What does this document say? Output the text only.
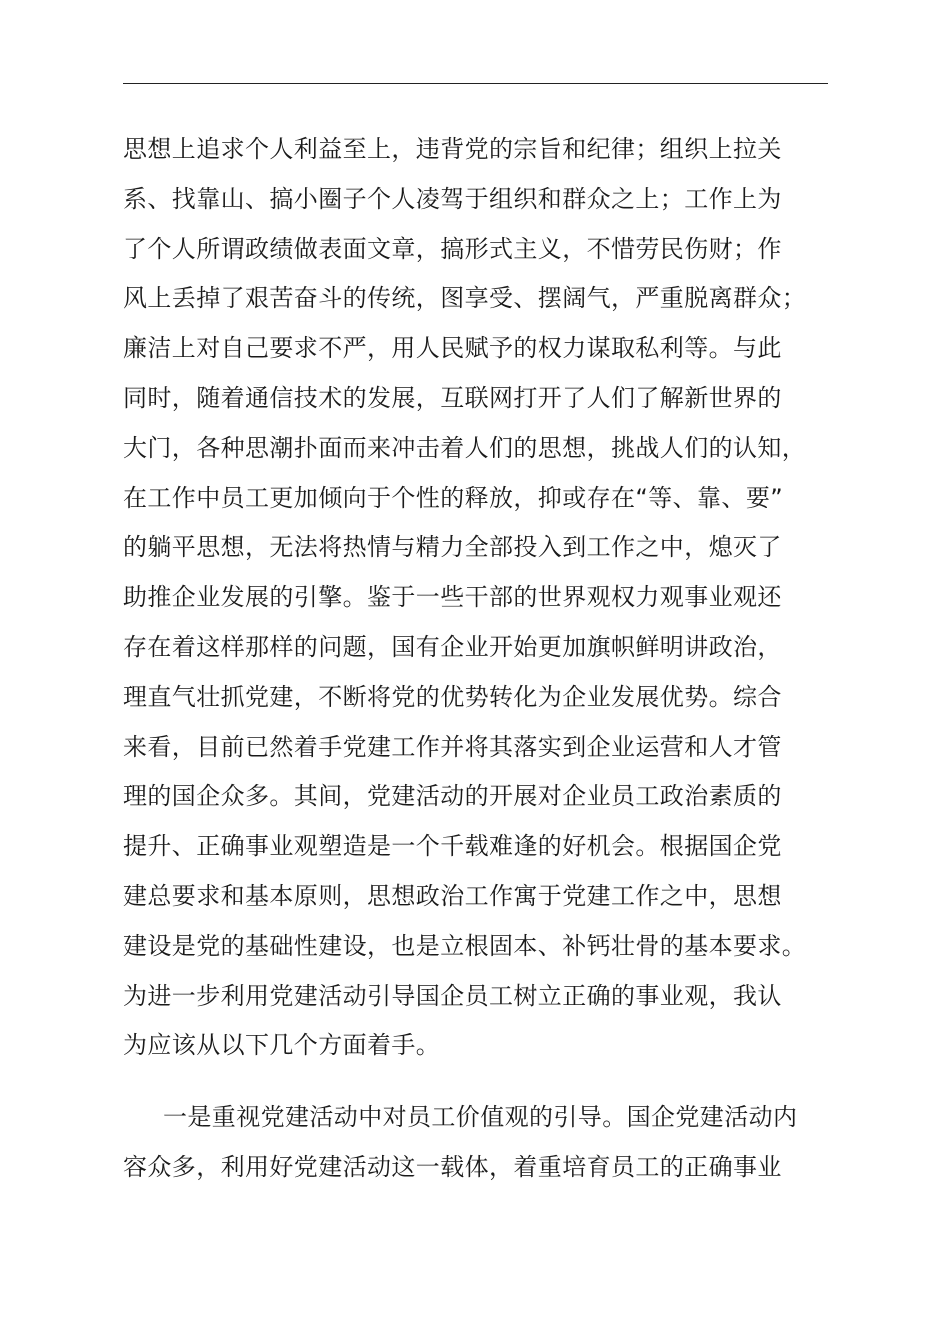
思想上追求个人利益至上，违背党的宗旨和纪律；组织上拉关
系、找靠山、搞小圈子个人凌驾于组织和群众之上；工作上为
了个人所谓政绩做表面文章，搞形式主义，不惜劳民伤财；作
风上丢掉了艰苦奋斗的传统，图享受、摆阔气，严重脱离群众；
廉洁上对自己要求不严，用人民赋予的权力谋取私利等。与此
同时，随着通信技术的发展，互联网打开了人们了解新世界的
大门，各种思潮扑面而来冲击着人们的思想，挑战人们的认知，
在工作中员工更加倾向于个性的释放，抑或存在“等、靠、要”
的躺平思想，无法将热情与精力全部投入到工作之中，熄灭了
助推企业发展的引擎。鉴于一些干部的世界观权力观事业观还
存在着这样那样的问题，国有企业开始更加旗帜鲜明讲政治，
理直气壮抓党建，不断将党的优势转化为企业发展优势。综合
来看，目前已然着手党建工作并将其落实到企业运营和人才管
理的国企众多。其间，党建活动的开展对企业员工政治素质的
提升、正确事业观塑造是一个千载难逢的好机会。根据国企党
建总要求和基本原则，思想政治工作寓于党建工作之中，思想
建设是党的基础性建设，也是立根固本、补钙壮骨的基本要求。
为进一步利用党建活动引导国企员工树立正确的事业观，我认
为应该从以下几个方面着手。
一是重视党建活动中对员工价值观的引导。国企党建活动内
容众多，利用好党建活动这一载体，着重培育员工的正确事业
